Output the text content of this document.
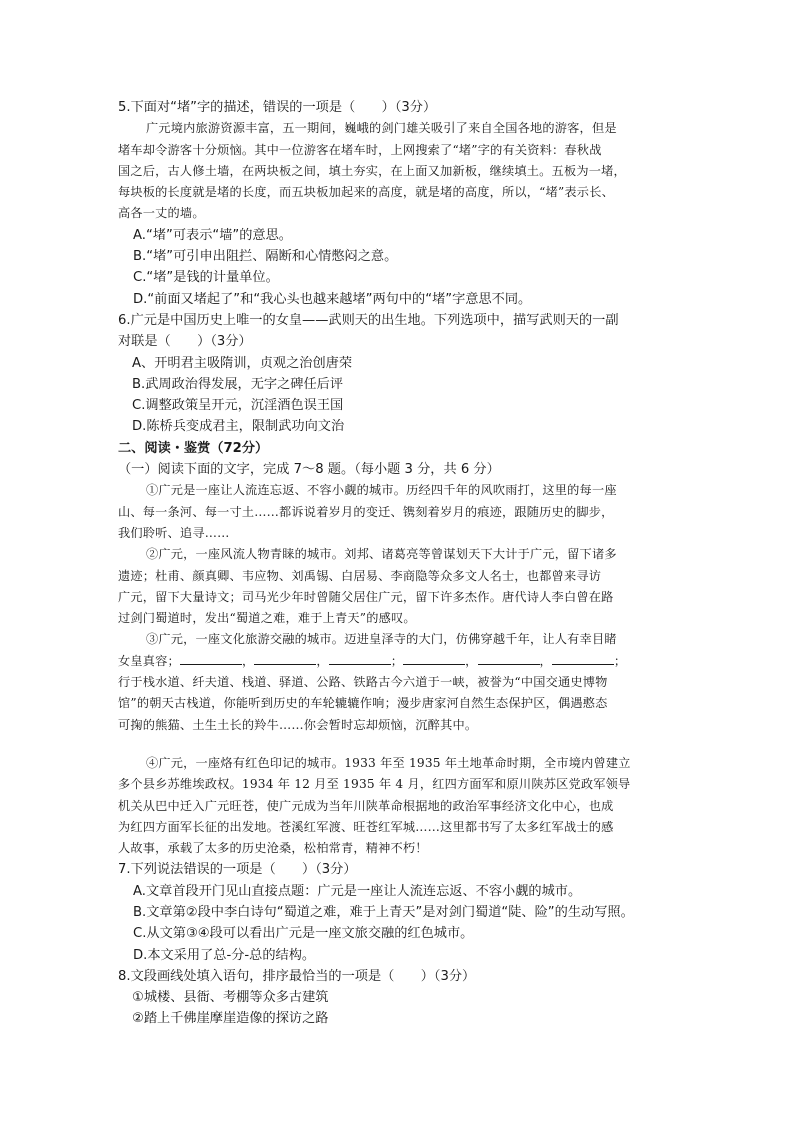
5.下面对“堵”字的描述，错误的一项是（　　）（3分）
广元境内旅游资源丰富，五一期间，巍峨的剑门雄关吸引了来自全国各地的游客，但是
堵车却令游客十分烦恼。其中一位游客在堵车时，上网搜索了“堵”字的有关资料：春秋战
国之后，古人修土墙，在两块板之间，填土夯实，在上面又加新板，继续填土。五板为一堵，
每块板的长度就是堵的长度，而五块板加起来的高度，就是堵的高度，所以，“堵”表示长、
高各一丈的墙。
A.“堵”可表示“墙”的意思。
B.“堵”可引申出阻拦、隔断和心情憋闷之意。
C.“堵”是钱的计量单位。
D.“前面又堵起了”和“我心头也越来越堵”两句中的“堵”字意思不同。
6.广元是中国历史上唯一的女皇——武则天的出生地。下列选项中，描写武则天的一副
对联是（　　）（3分）
A、开明君主吸隋训，贞观之治创唐荣
B.武周政治得发展，无字之碑任后评
C.调整政策呈开元，沉淫酒色误王国
D.陈桥兵变成君主，限制武功向文治
二、阅读・鉴赏（72分）
（一）阅读下面的文字，完成 7～8 题。（每小题 3 分，共 6 分）
①广元是一座让人流连忘返、不容小觑的城市。历经四千年的风吹雨打，这里的每一座
山、每一条河、每一寸土……都诉说着岁月的变迁、镌刻着岁月的痕迹，跟随历史的脚步，
我们聆听、追寻……
②广元，一座风流人物青睐的城市。刘邦、诸葛亮等曾谋划天下大计于广元，留下诸多
遗迹；杜甫、颜真卿、韦应物、刘禹锡、白居易、李商隐等众多文人名士，也都曾来寻访
广元，留下大量诗文；司马光少年时曾随父居住广元，留下许多杰作。唐代诗人李白曾在路
过剑门蜀道时，发出“蜀道之难，难于上青天”的感叹。
③广元，一座文化旅游交融的城市。迈进皇泽寺的大门，仿佛穿越千年，让人有幸目睹
女皇真容；	，	，	；	，	，	；
行于栈水道、纤夫道、栈道、驿道、公路、铁路古今六道于一峡，被誉为“中国交通史博物
馆”的朝天古栈道，你能听到历史的车轮辘辘作响；漫步唐家河自然生态保护区，偶遇憨态
可掬的熊猫、土生土长的羚牛……你会暂时忘却烦恼，沉醉其中。
④广元，一座烙有红色印记的城市。1933 年至 1935 年土地革命时期，全市境内曾建立
多个县乡苏维埃政权。1934 年 12 月至 1935 年 4 月，红四方面军和原川陕苏区党政军领导
机关从巴中迁入广元旺苍，使广元成为当年川陕革命根据地的政治军事经济文化中心，也成
为红四方面军长征的出发地。苍溪红军渡、旺苍红军城……这里都书写了太多红军战士的感
人故事，承载了太多的历史沧桑，松柏常青，精神不朽！
7.下列说法错误的一项是（　　）（3分）
A.文章首段开门见山直接点题：广元是一座让人流连忘返、不容小觑的城市。
B.文章第②段中李白诗句“蜀道之难，难于上青天”是对剑门蜀道“陡、险”的生动写照。
C.从文第③④段可以看出广元是一座文旅交融的红色城市。
D.本文采用了总-分-总的结构。
8.文段画线处填入语句，排序最恰当的一项是（　　）（3分）
①城楼、县衙、考棚等众多古建筑
②踏上千佛崖摩崖造像的探访之路
